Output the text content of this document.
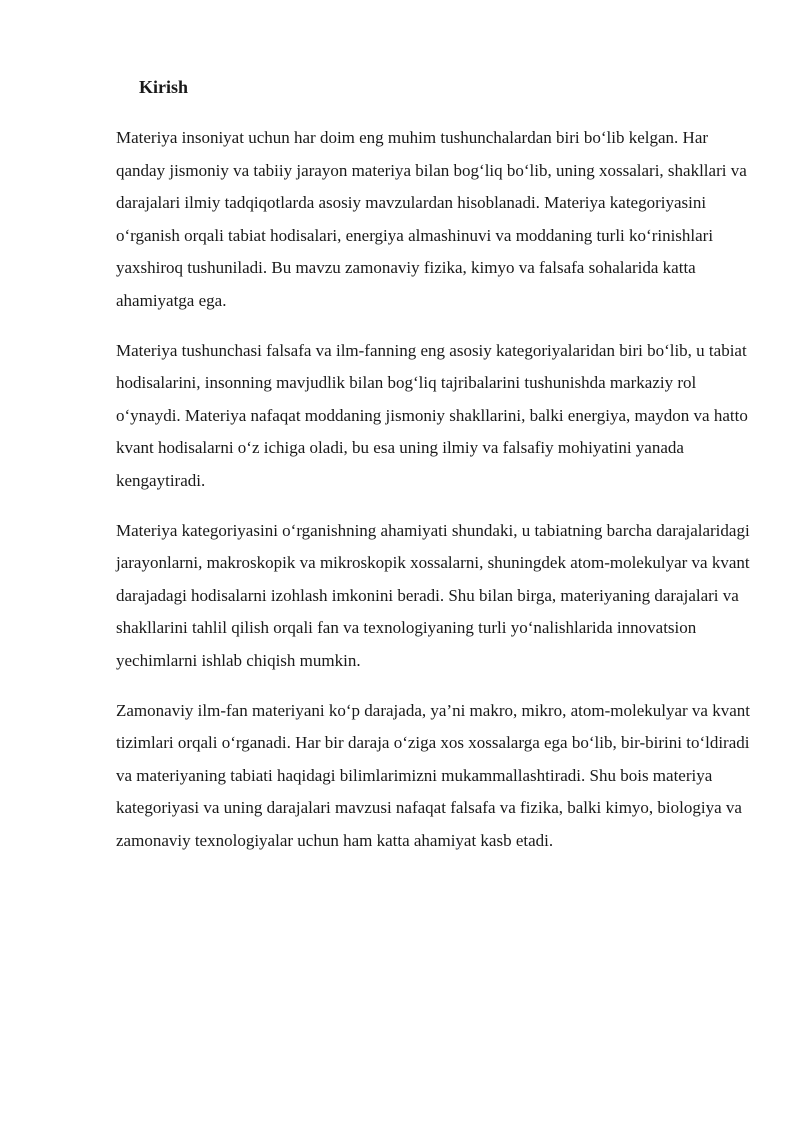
Kirish

Materiya insoniyat uchun har doim eng muhim tushunchalardan biri bo‘lib kelgan. Har qanday jismoniy va tabiiy jarayon materiya bilan bog‘liq bo‘lib, uning xossalari, shakllari va darajalari ilmiy tadqiqotlarda asosiy mavzulardan hisoblanadi. Materiya kategoriyasini o‘rganish orqali tabiat hodisalari, energiya almashinuvi va moddaning turli ko‘rinishlari yaxshiroq tushuniladi. Bu mavzu zamonaviy fizika, kimyo va falsafa sohalarida katta ahamiyatga ega.

Materiya tushunchasi falsafa va ilm-fanning eng asosiy kategoriyalaridan biri bo‘lib, u tabiat hodisalarini, insonning mavjudlik bilan bog‘liq tajribalarini tushunishda markaziy rol o‘ynaydi. Materiya nafaqat moddaning jismoniy shakllarini, balki energiya, maydon va hatto kvant hodisalarni o‘z ichiga oladi, bu esa uning ilmiy va falsafiy mohiyatini yanada kengaytiradi.

Materiya kategoriyasini o‘rganishning ahamiyati shundaki, u tabiatning barcha darajalaridagi jarayonlarni, makroskopik va mikroskopik xossalarni, shuningdek atom-molekulyar va kvant darajadagi hodisalarni izohlash imkonini beradi. Shu bilan birga, materiyaning darajalari va shakllarini tahlil qilish orqali fan va texnologiyaning turli yo‘nalishlarida innovatsion yechimlarni ishlab chiqish mumkin.

Zamonaviy ilm-fan materiyani ko‘p darajada, ya’ni makro, mikro, atom-molekulyar va kvant tizimlari orqali o‘rganadi. Har bir daraja o‘ziga xos xossalarga ega bo‘lib, bir-birini to‘ldiradi va materiyaning tabiati haqidagi bilimlarimizni mukammallashtiradi. Shu bois materiya kategoriyasi va uning darajalari mavzusi nafaqat falsafa va fizika, balki kimyo, biologiya va zamonaviy texnologiyalar uchun ham katta ahamiyat kasb etadi.
